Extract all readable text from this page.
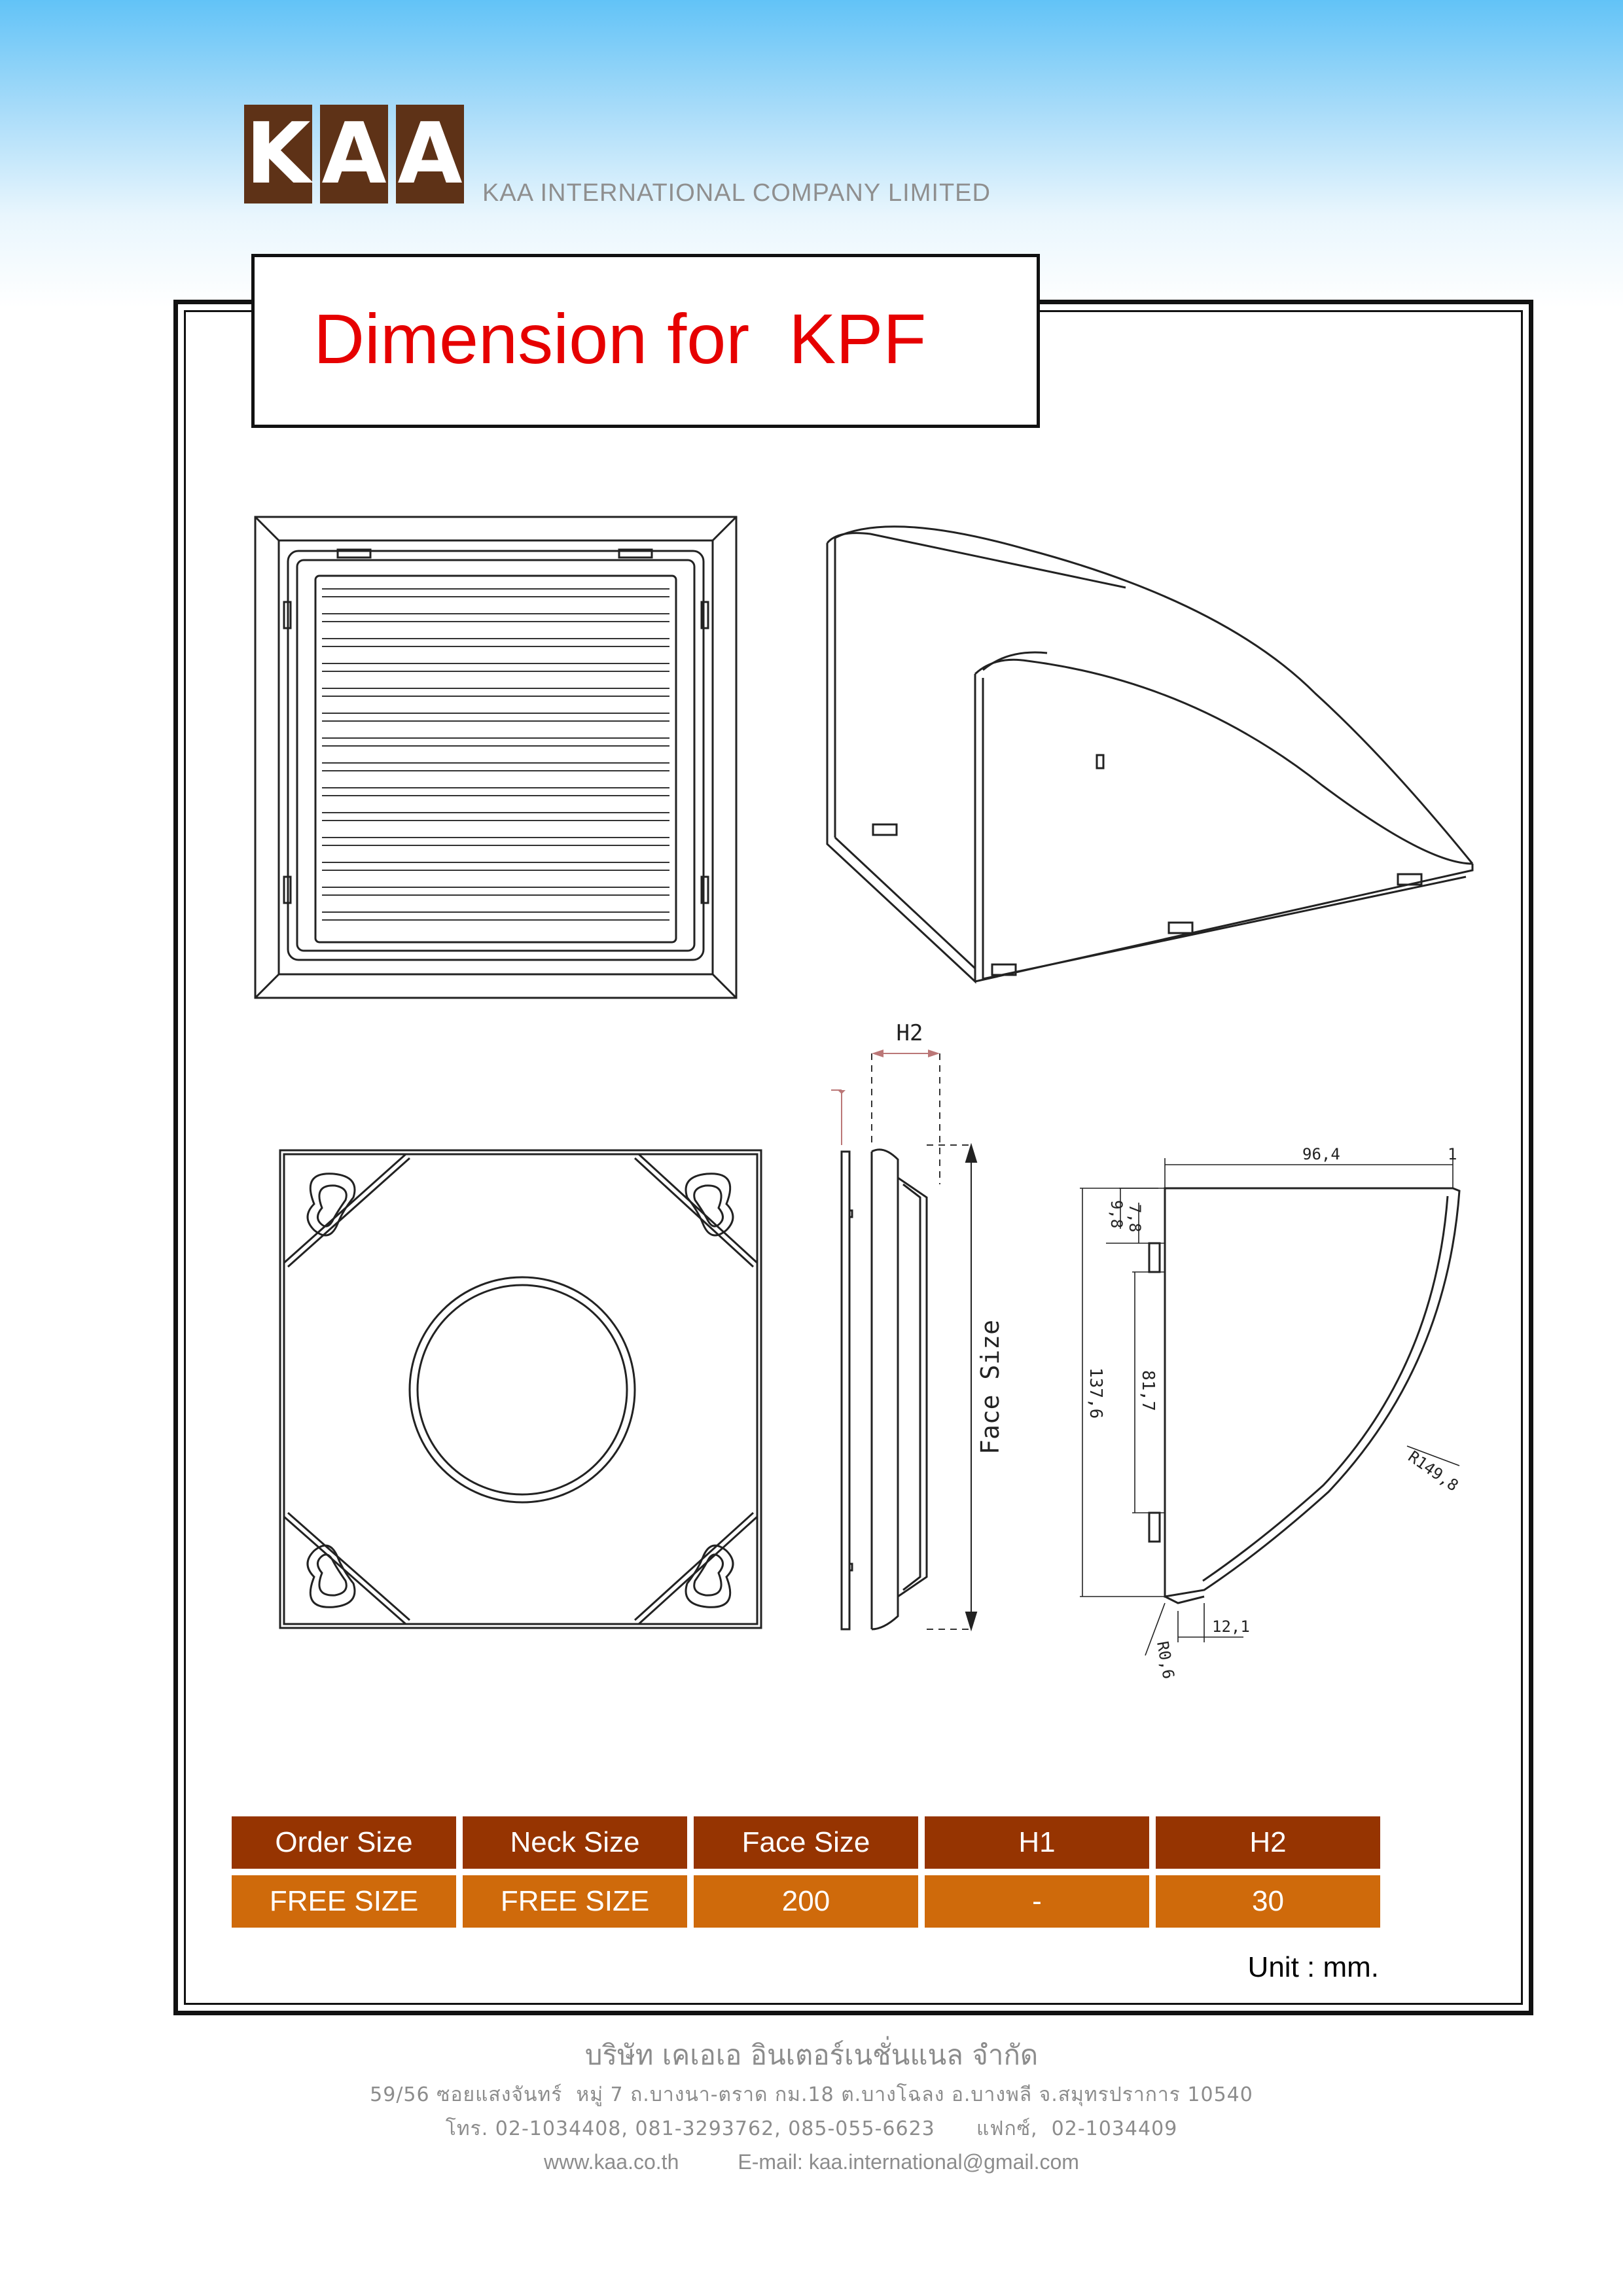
K A A KAA INTERNATIONAL COMPANY LIMITED
Dimension for  KPF
H2
Face Size
96,4	1
9,8 7,8
137,6 81,7
R149,8
12,1
R0,6
Order Size	Neck Size	Face Size	H1	H2
FREE SIZE	FREE SIZE	200	-	30
Unit : mm.
บริษัท เคเอเอ อินเตอร์เนชั่นแนล จำกัด
59/56 ซอยแสงจันทร์  หมู่ 7 ถ.บางนา-ตราด กม.18 ต.บางโฉลง อ.บางพลี จ.สมุทรปราการ 10540
โทร. 02-1034408, 081-3293762, 085-055-6623      แฟกซ์,  02-1034409
www.kaa.co.th	E-mail: kaa.international@gmail.com
